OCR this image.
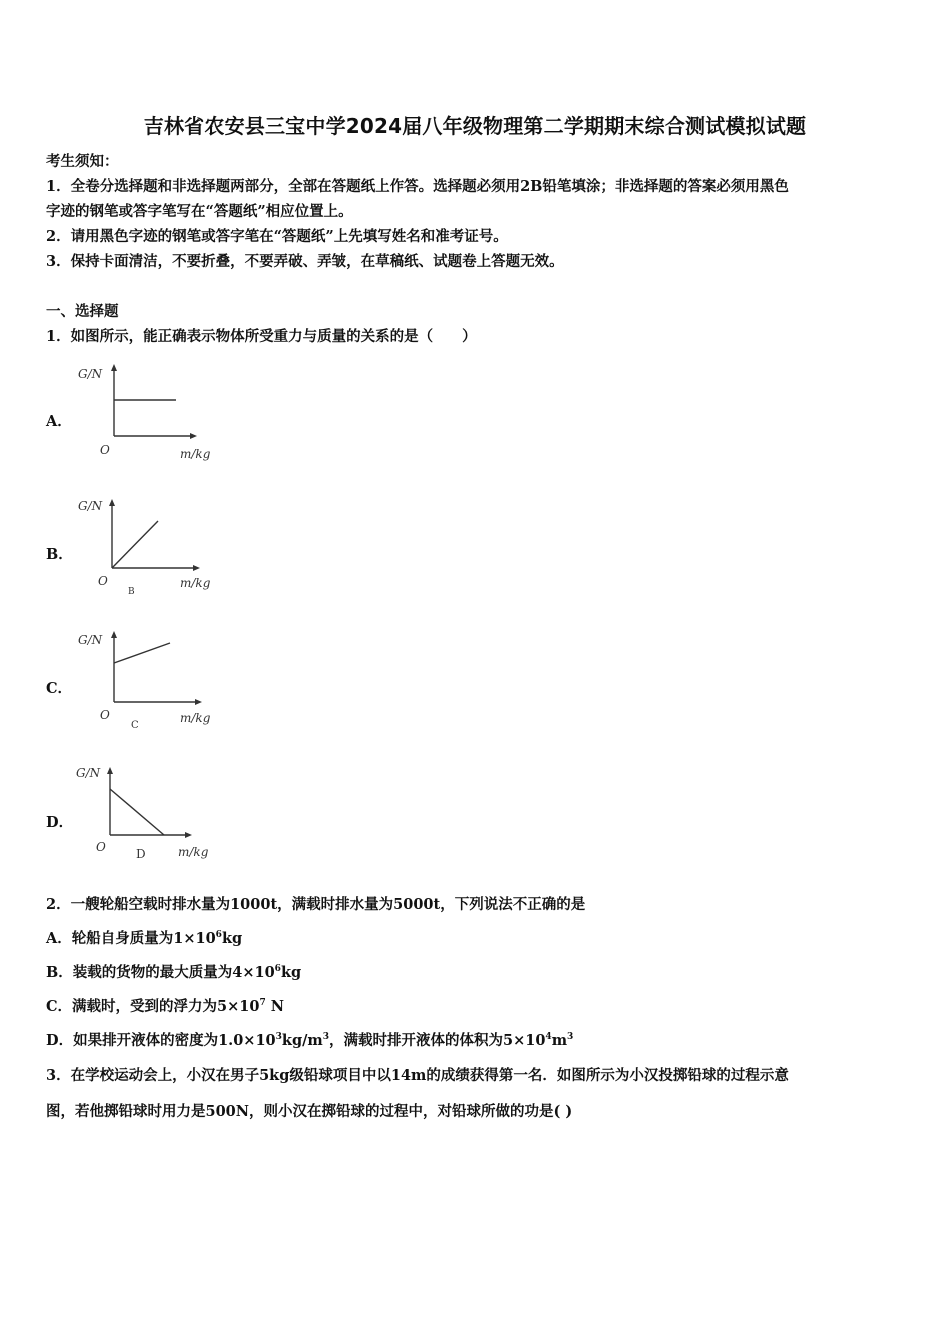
吉林省农安县三宝中学2024届八年级物理第二学期期末综合测试模拟试题
考生须知：
1．全卷分选择题和非选择题两部分，全部在答题纸上作答。选择题必须用2B铅笔填涂；非选择题的答案必须用黑色
字迹的钢笔或答字笔写在“答题纸”相应位置上。
2．请用黑色字迹的钢笔或答字笔在“答题纸”上先填写姓名和准考证号。
3．保持卡面清洁，不要折叠，不要弄破、弄皱，在草稿纸、试题卷上答题无效。
一、选择题
1．如图所示，能正确表示物体所受重力与质量的关系的是（　　）
A．
G/N
O	m/kg
B．
G/N
O	m/kg
B
C．
G/N
O	m/kg
C
D．
G/N
O	m/kg
D
2．一艘轮船空载时排水量为1000t，满载时排水量为5000t，下列说法不正确的是
A．轮船自身质量为$1\times 10^6kg$
B．装载的货物的最大质量为$4\times 10^6kg$
C．满载时，受到的浮力为$5\times 10^7$ N
D．如果排开液体的密度为$1.0\times 10^3kg/m^3$，满载时排开液体的体积为$5\times 10^4m^3$
3．在学校运动会上，小汉在男子5kg级铅球项目中以14m的成绩获得第一名．如图所示为小汉投掷铅球的过程示意
图，若他掷铅球时用力是500N，则小汉在掷铅球的过程中，对铅球所做的功是( )
